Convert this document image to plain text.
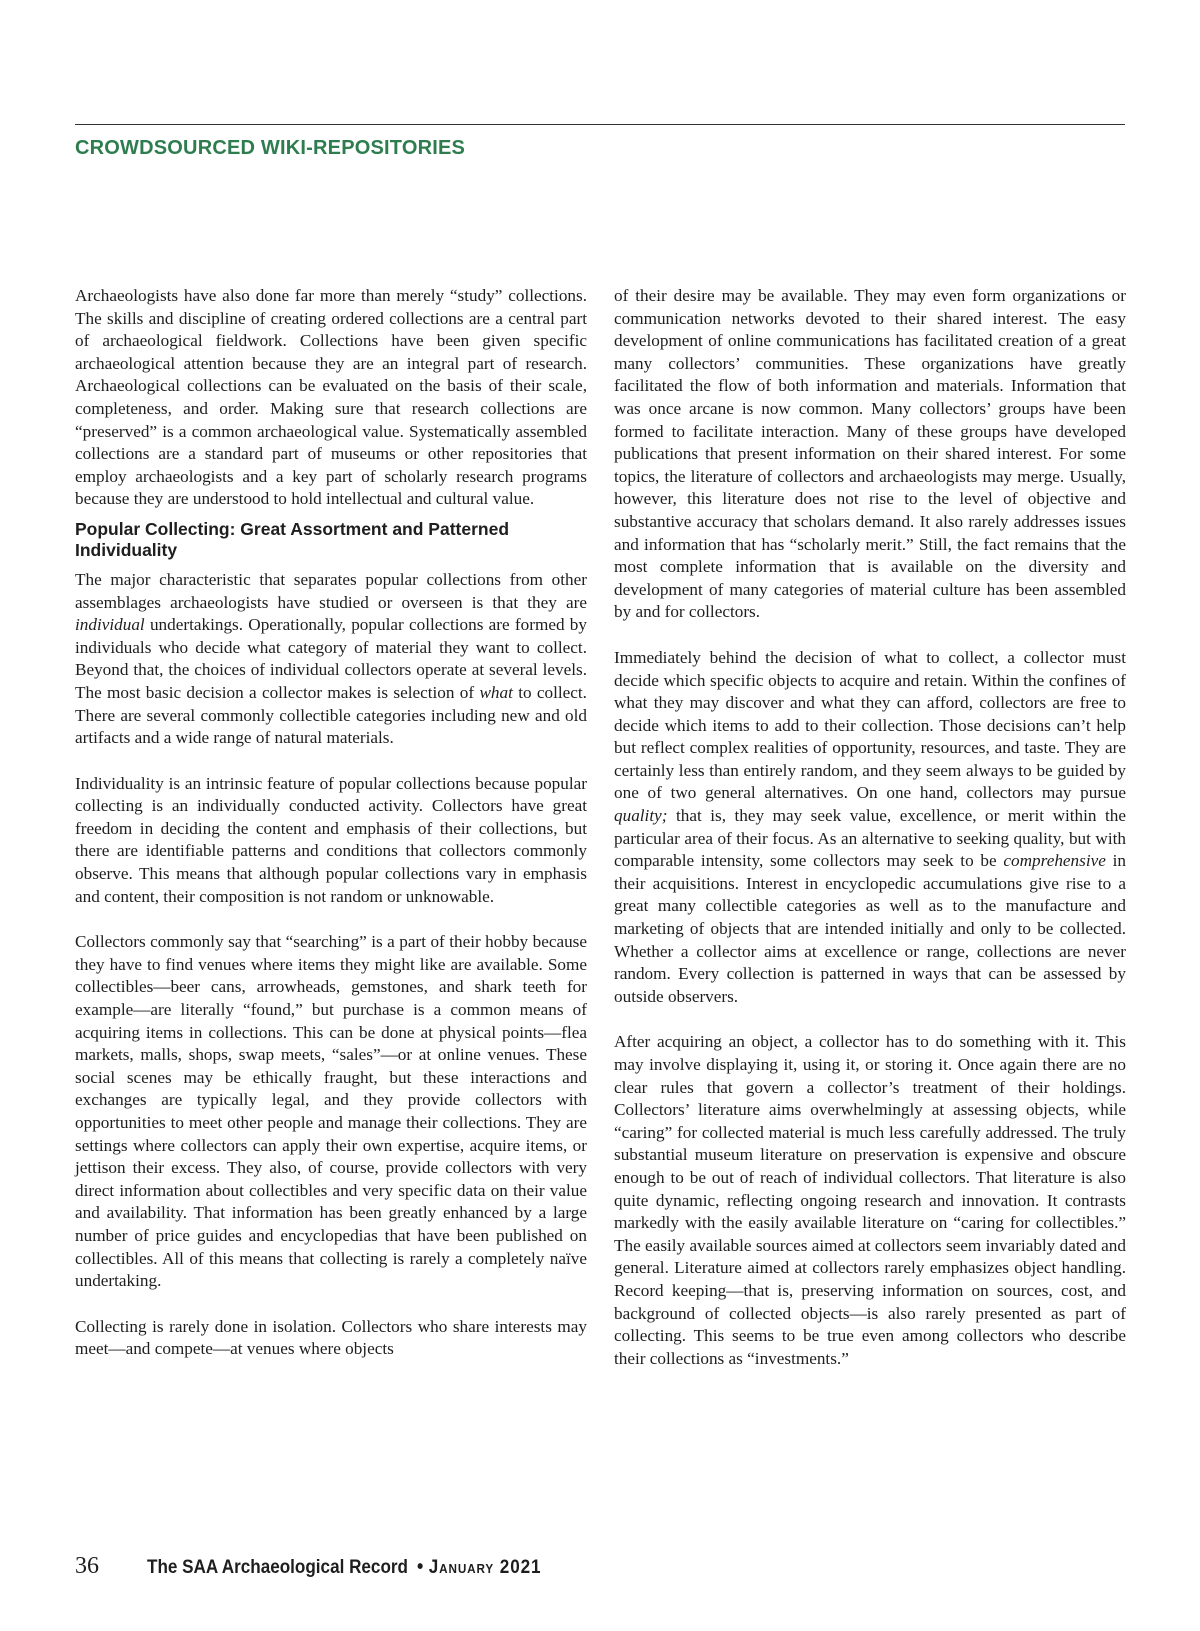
CROWDSOURCED WIKI-REPOSITORIES

Archaeologists have also done far more than merely “study” collections. The skills and discipline of creating ordered collections are a central part of archaeological fieldwork. Collections have been given specific archaeological attention because they are an integral part of research. Archaeological collections can be evaluated on the basis of their scale, completeness, and order. Making sure that research collections are “preserved” is a common archaeological value. Systematically assembled collections are a standard part of museums or other repositories that employ archaeologists and a key part of scholarly research programs because they are understood to hold intellectual and cultural value.

Popular Collecting: Great Assortment and Patterned Individuality

The major characteristic that separates popular collections from other assemblages archaeologists have studied or overseen is that they are individual undertakings. Operationally, popular collections are formed by individuals who decide what category of material they want to collect. Beyond that, the choices of individual collectors operate at several levels. The most basic decision a collector makes is selection of what to collect. There are several commonly collectible categories including new and old artifacts and a wide range of natural materials.

Individuality is an intrinsic feature of popular collections because popular collecting is an individually conducted activity. Collectors have great freedom in deciding the content and emphasis of their collections, but there are identifiable patterns and conditions that collectors commonly observe. This means that although popular collections vary in emphasis and content, their composition is not random or unknowable.

Collectors commonly say that “searching” is a part of their hobby because they have to find venues where items they might like are available. Some collectibles—beer cans, arrowheads, gemstones, and shark teeth for example—are literally “found,” but purchase is a common means of acquiring items in collections. This can be done at physical points—flea markets, malls, shops, swap meets, “sales”—or at online venues. These social scenes may be ethically fraught, but these interactions and exchanges are typically legal, and they provide collectors with opportunities to meet other people and manage their collections. They are settings where collectors can apply their own expertise, acquire items, or jettison their excess. They also, of course, provide collectors with very direct information about collectibles and very specific data on their value and availability. That information has been greatly enhanced by a large number of price guides and encyclopedias that have been published on collectibles. All of this means that collecting is rarely a completely naïve undertaking.

Collecting is rarely done in isolation. Collectors who share interests may meet—and compete—at venues where objects

of their desire may be available. They may even form organizations or communication networks devoted to their shared interest. The easy development of online communications has facilitated creation of a great many collectors’ communities. These organizations have greatly facilitated the flow of both information and materials. Information that was once arcane is now common. Many collectors’ groups have been formed to facilitate interaction. Many of these groups have developed publications that present information on their shared interest. For some topics, the literature of collectors and archaeologists may merge. Usually, however, this literature does not rise to the level of objective and substantive accuracy that scholars demand. It also rarely addresses issues and information that has “scholarly merit.” Still, the fact remains that the most complete information that is available on the diversity and development of many categories of material culture has been assembled by and for collectors.

Immediately behind the decision of what to collect, a collector must decide which specific objects to acquire and retain. Within the confines of what they may discover and what they can afford, collectors are free to decide which items to add to their collection. Those decisions can’t help but reflect complex realities of opportunity, resources, and taste. They are certainly less than entirely random, and they seem always to be guided by one of two general alternatives. On one hand, collectors may pursue quality; that is, they may seek value, excellence, or merit within the particular area of their focus. As an alternative to seeking quality, but with comparable intensity, some collectors may seek to be comprehensive in their acquisitions. Interest in encyclopedic accumulations give rise to a great many collectible categories as well as to the manufacture and marketing of objects that are intended initially and only to be collected. Whether a collector aims at excellence or range, collections are never random. Every collection is patterned in ways that can be assessed by outside observers.

After acquiring an object, a collector has to do something with it. This may involve displaying it, using it, or storing it. Once again there are no clear rules that govern a collector’s treatment of their holdings. Collectors’ literature aims overwhelmingly at assessing objects, while “caring” for collected material is much less carefully addressed. The truly substantial museum literature on preservation is expensive and obscure enough to be out of reach of individual collectors. That literature is also quite dynamic, reflecting ongoing research and innovation. It contrasts markedly with the easily available literature on “caring for collectibles.” The easily available sources aimed at collectors seem invariably dated and general. Literature aimed at collectors rarely emphasizes object handling. Record keeping—that is, preserving information on sources, cost, and background of collected objects—is also rarely presented as part of collecting. This seems to be true even among collectors who describe their collections as “investments.”

36	The SAA Archaeological Record • January 2021
